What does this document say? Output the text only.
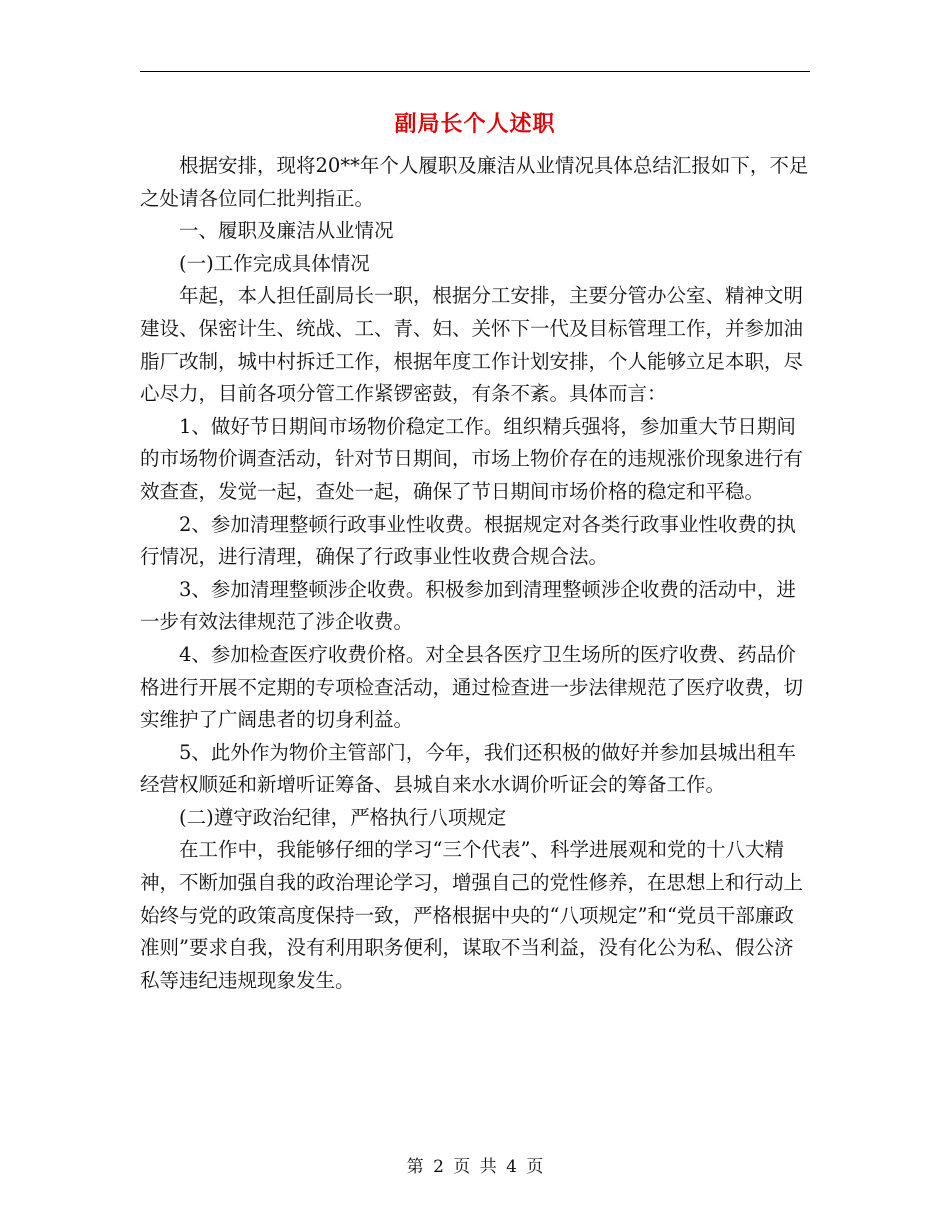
副局长个人述职

根据安排，现将20**年个人履职及廉洁从业情况具体总结汇报如下，不足之处请各位同仁批判指正。

一、履职及廉洁从业情况

(一)工作完成具体情况

年起，本人担任副局长一职，根据分工安排，主要分管办公室、精神文明建设、保密计生、统战、工、青、妇、关怀下一代及目标管理工作，并参加油脂厂改制，城中村拆迁工作，根据年度工作计划安排，个人能够立足本职，尽心尽力，目前各项分管工作紧锣密鼓，有条不紊。具体而言：

1、做好节日期间市场物价稳定工作。组织精兵强将，参加重大节日期间的市场物价调查活动，针对节日期间，市场上物价存在的违规涨价现象进行有效查查，发觉一起，查处一起，确保了节日期间市场价格的稳定和平稳。

2、参加清理整顿行政事业性收费。根据规定对各类行政事业性收费的执行情况，进行清理，确保了行政事业性收费合规合法。

3、参加清理整顿涉企收费。积极参加到清理整顿涉企收费的活动中，进一步有效法律规范了涉企收费。

4、参加检查医疗收费价格。对全县各医疗卫生场所的医疗收费、药品价格进行开展不定期的专项检查活动，通过检查进一步法律规范了医疗收费，切实维护了广阔患者的切身利益。

5、此外作为物价主管部门，今年，我们还积极的做好并参加县城出租车经营权顺延和新增听证筹备、县城自来水水调价听证会的筹备工作。

(二)遵守政治纪律，严格执行八项规定

在工作中，我能够仔细的学习“三个代表”、科学进展观和党的十八大精神，不断加强自我的政治理论学习，增强自己的党性修养，在思想上和行动上始终与党的政策高度保持一致，严格根据中央的“八项规定”和“党员干部廉政准则”要求自我，没有利用职务便利，谋取不当利益，没有化公为私、假公济私等违纪违规现象发生。

第 2 页 共 4 页
